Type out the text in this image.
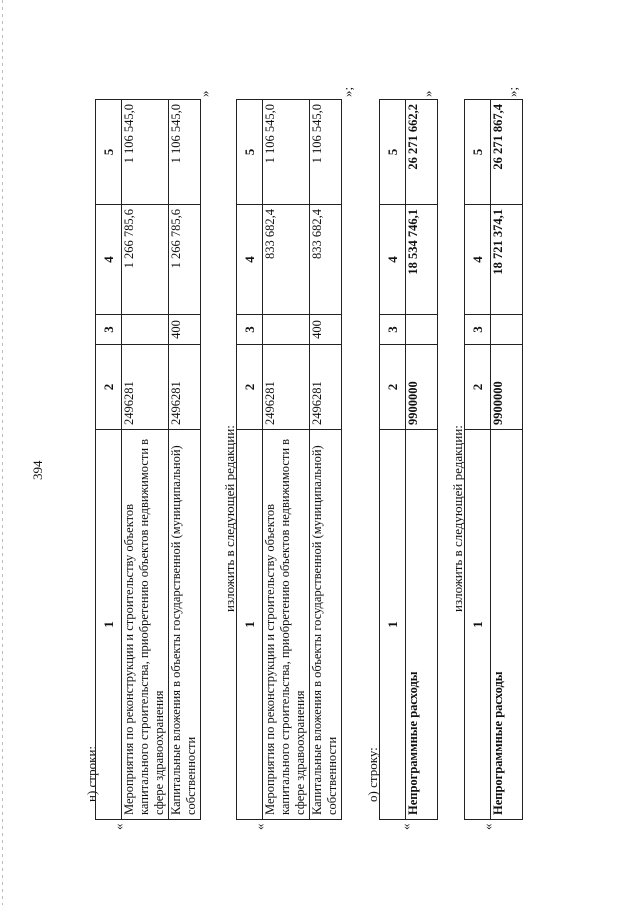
394
н) строки:
«
1	2	3	4	5
Мероприятия по реконструкции и строительству объектов капитального строительства, приобретению объектов недвижимости в сфере здравоохранения	2496281		1 266 785,6	1 106 545,0
Капитальные вложения в объекты государственной (муниципальной) собственности	2496281	400	1 266 785,6	1 106 545,0
»
изложить в следующей редакции:
«
1	2	3	4	5
Мероприятия по реконструкции и строительству объектов капитального строительства, приобретению объектов недвижимости в сфере здравоохранения	2496281		833 682,4	1 106 545,0
Капитальные вложения в объекты государственной (муниципальной) собственности	2496281	400	833 682,4	1 106 545,0
»;
о) строку:
«
1	2	3	4	5
Непрограммные расходы	9900000		18 534 746,1	26 271 662,2
»
изложить в следующей редакции:
«
1	2	3	4	5
Непрограммные расходы	9900000		18 721 374,1	26 271 867,4
»;
